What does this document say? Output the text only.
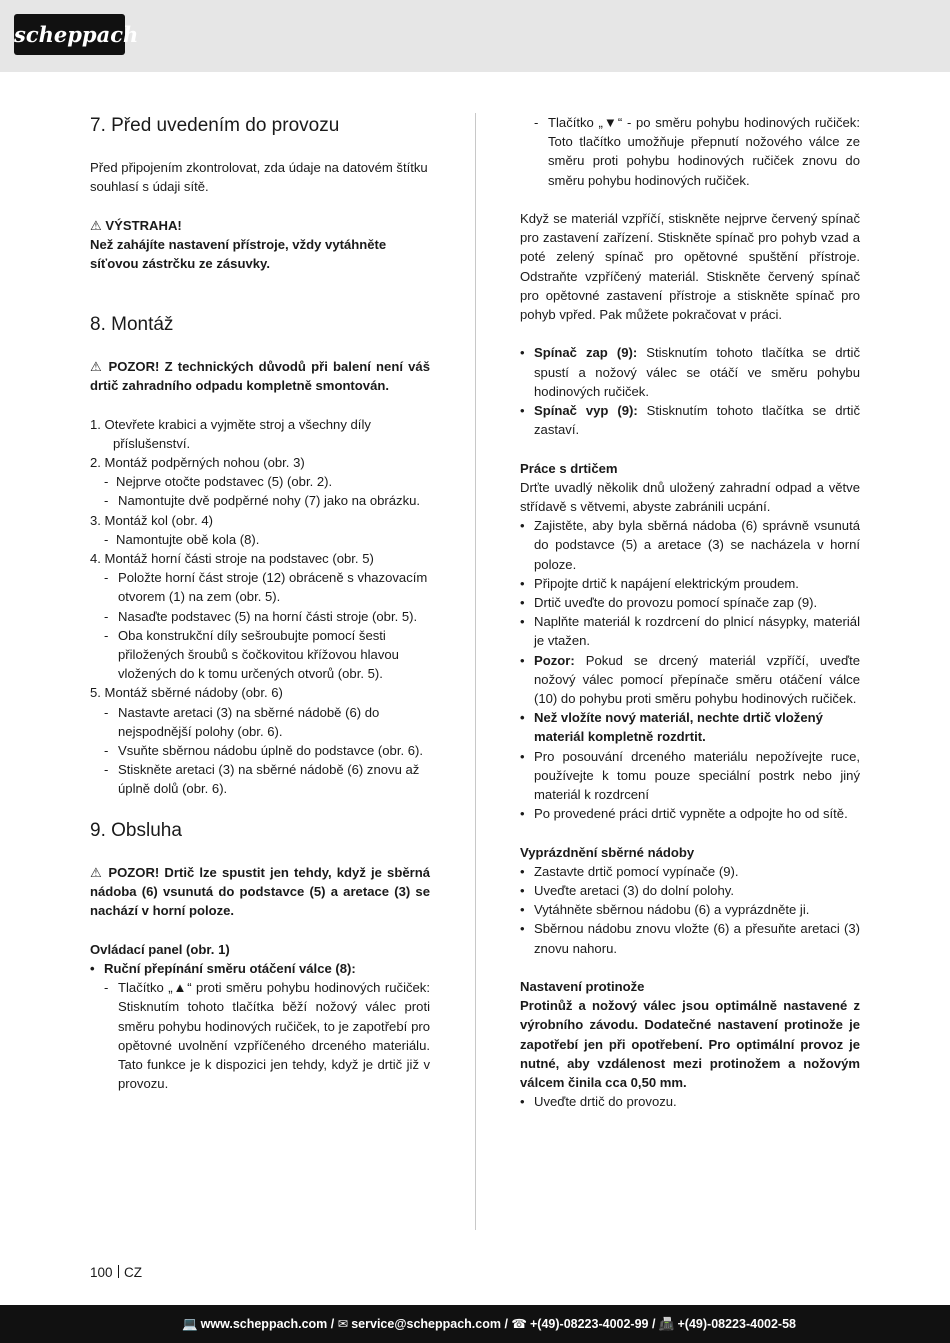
scheppach
7. Před uvedením do provozu

Před připojením zkontrolovat, zda údaje na datovém štítku souhlasí s údaji sítě.

⚠ VÝSTRAHA!

Než zahájíte nastavení přístroje, vždy vytáhněte síťovou zástrčku ze zásuvky.

8. Montáž

⚠ POZOR! Z technických důvodů při balení není váš drtič zahradního odpadu kompletně smontován.

1. Otevřete krabici a vyjměte stroj a všechny díly příslušenství.

2. Montáž podpěrných nohou (obr. 3)

- Nejprve otočte podstavec (5) (obr. 2).

- Namontujte dvě podpěrné nohy (7) jako na obrázku.

3. Montáž kol (obr. 4)

- Namontujte obě kola (8).

4. Montáž horní části stroje na podstavec (obr. 5)

- Položte horní část stroje (12) obráceně s vhazovacím otvorem (1) na zem (obr. 5).

- Nasaďte podstavec (5) na horní části stroje (obr. 5).

- Oba konstrukční díly sešroubujte pomocí šesti přiložených šroubů s čočkovitou křížovou hlavou vložených do k tomu určených otvorů (obr. 5).

5. Montáž sběrné nádoby (obr. 6)

- Nastavte aretaci (3) na sběrné nádobě (6) do nejspodnější polohy (obr. 6).

- Vsuňte sběrnou nádobu úplně do podstavce (obr. 6).

- Stiskněte aretaci (3) na sběrné nádobě (6) znovu až úplně dolů (obr. 6).

9. Obsluha

⚠ POZOR! Drtič lze spustit jen tehdy, když je sběrná nádoba (6) vsunutá do podstavce (5) a aretace (3) se nachází v horní poloze.

Ovládací panel (obr. 1)

• Ruční přepínání směru otáčení válce (8):

- Tlačítko „▲“ proti směru pohybu hodinových ručiček: Stisknutím tohoto tlačítka běží nožový válec proti směru pohybu hodinových ručiček, to je zapotřebí pro opětovné uvolnění vzpříčeného drceného materiálu. Tato funkce je k dispozici jen tehdy, když je drtič již v provozu.

- Tlačítko „▼“ - po směru pohybu hodinových ručiček: Toto tlačítko umožňuje přepnutí nožového válce ze směru proti pohybu hodinových ručiček znovu do směru pohybu hodinových ručiček.

Když se materiál vzpříčí, stiskněte nejprve červený spínač pro zastavení zařízení. Stiskněte spínač pro pohyb vzad a poté zelený spínač pro opětovné spuštění přístroje. Odstraňte vzpříčený materiál. Stiskněte červený spínač pro opětovné zastavení přístroje a stiskněte spínač pro pohyb vpřed. Pak můžete pokračovat v práci.

• Spínač zap (9): Stisknutím tohoto tlačítka se drtič spustí a nožový válec se otáčí ve směru pohybu hodinových ručiček.

• Spínač vyp (9): Stisknutím tohoto tlačítka se drtič zastaví.

Práce s drtičem

Drťte uvadlý několik dnů uložený zahradní odpad a větve střídavě s větvemi, abyste zabránili ucpání.

• Zajistěte, aby byla sběrná nádoba (6) správně vsunutá do podstavce (5) a aretace (3) se nacházela v horní poloze.

• Připojte drtič k napájení elektrickým proudem.

• Drtič uveďte do provozu pomocí spínače zap (9).

• Naplňte materiál k rozdrcení do plnicí násypky, materiál je vtažen.

• Pozor: Pokud se drcený materiál vzpříčí, uveďte nožový válec pomocí přepínače směru otáčení válce (10) do pohybu proti směru pohybu hodinových ručiček.

• Než vložíte nový materiál, nechte drtič vložený materiál kompletně rozdrtit.

• Pro posouvání drceného materiálu nepožívejte ruce, používejte k tomu pouze speciální postrk nebo jiný materiál k rozdrcení

• Po provedené práci drtič vypněte a odpojte ho od sítě.

Vyprázdnění sběrné nádoby

• Zastavte drtič pomocí vypínače (9).

• Uveďte aretaci (3) do dolní polohy.

• Vytáhněte sběrnou nádobu (6) a vyprázdněte ji.

• Sběrnou nádobu znovu vložte (6) a přesuňte aretaci (3) znovu nahoru.

Nastavení protinože

Protinůž a nožový válec jsou optimálně nastavené z výrobního závodu. Dodatečné nastavení protinože je zapotřebí jen při opotřebení. Pro optimální provoz je nutné, aby vzdálenost mezi protinožem a nožovým válcem činila cca 0,50 mm.

• Uveďte drtič do provozu.

100 CZ
💻 www.scheppach.com / ✉ service@scheppach.com / ☎ +(49)-08223-4002-99 / 📠 +(49)-08223-4002-58
